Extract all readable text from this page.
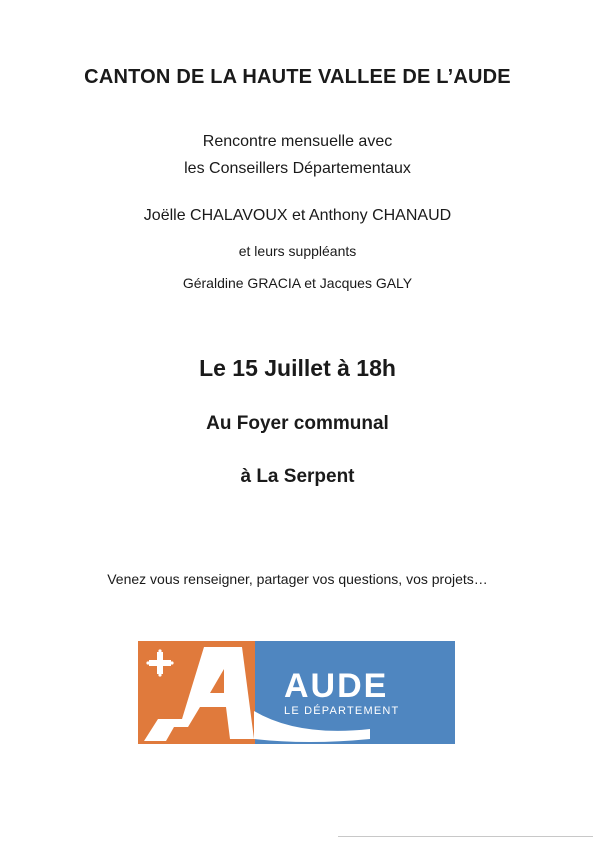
CANTON DE LA HAUTE VALLEE DE L’AUDE
Rencontre mensuelle avec
les Conseillers Départementaux
Joëlle CHALAVOUX et Anthony CHANAUD
et leurs suppléants
Géraldine GRACIA et Jacques GALY
Le 15 Juillet à 18h
Au Foyer communal
à La Serpent
Venez vous renseigner, partager vos questions, vos projets…
AUDE
LE DÉPARTEMENT
